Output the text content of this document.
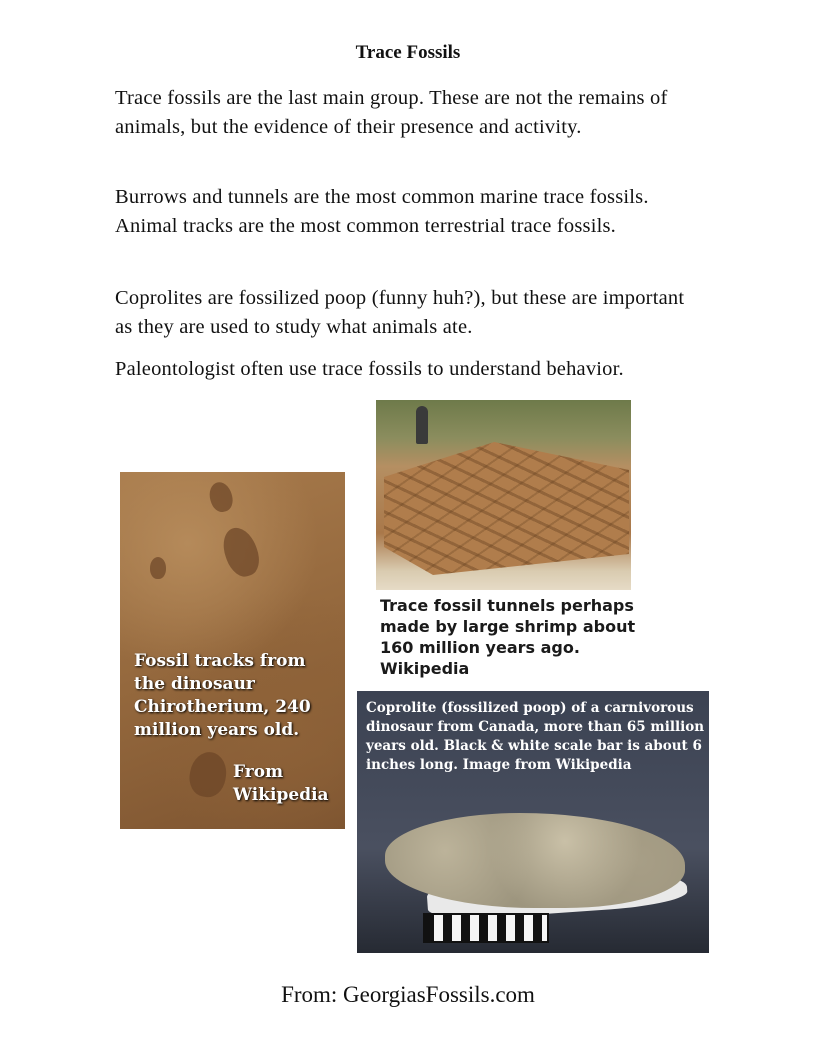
Trace Fossils
Trace fossils are the last main group. These are not the remains of animals, but the evidence of their presence and activity.
Burrows and tunnels are the most common marine trace fossils. Animal tracks are the most common terrestrial trace fossils.
Coprolites are fossilized poop (funny huh?), but these are important as they are used to study what animals ate.
Paleontologist often use trace fossils to understand behavior.
Trace fossil tunnels perhaps made by large shrimp about 160 million years ago. Wikipedia
Fossil tracks from the dinosaur Chirotherium, 240 million years old.
From Wikipedia
Coprolite (fossilized poop) of a carnivorous dinosaur from Canada, more than 65 million years old. Black & white scale bar is about 6 inches long. Image from Wikipedia
From: GeorgiasFossils.com
